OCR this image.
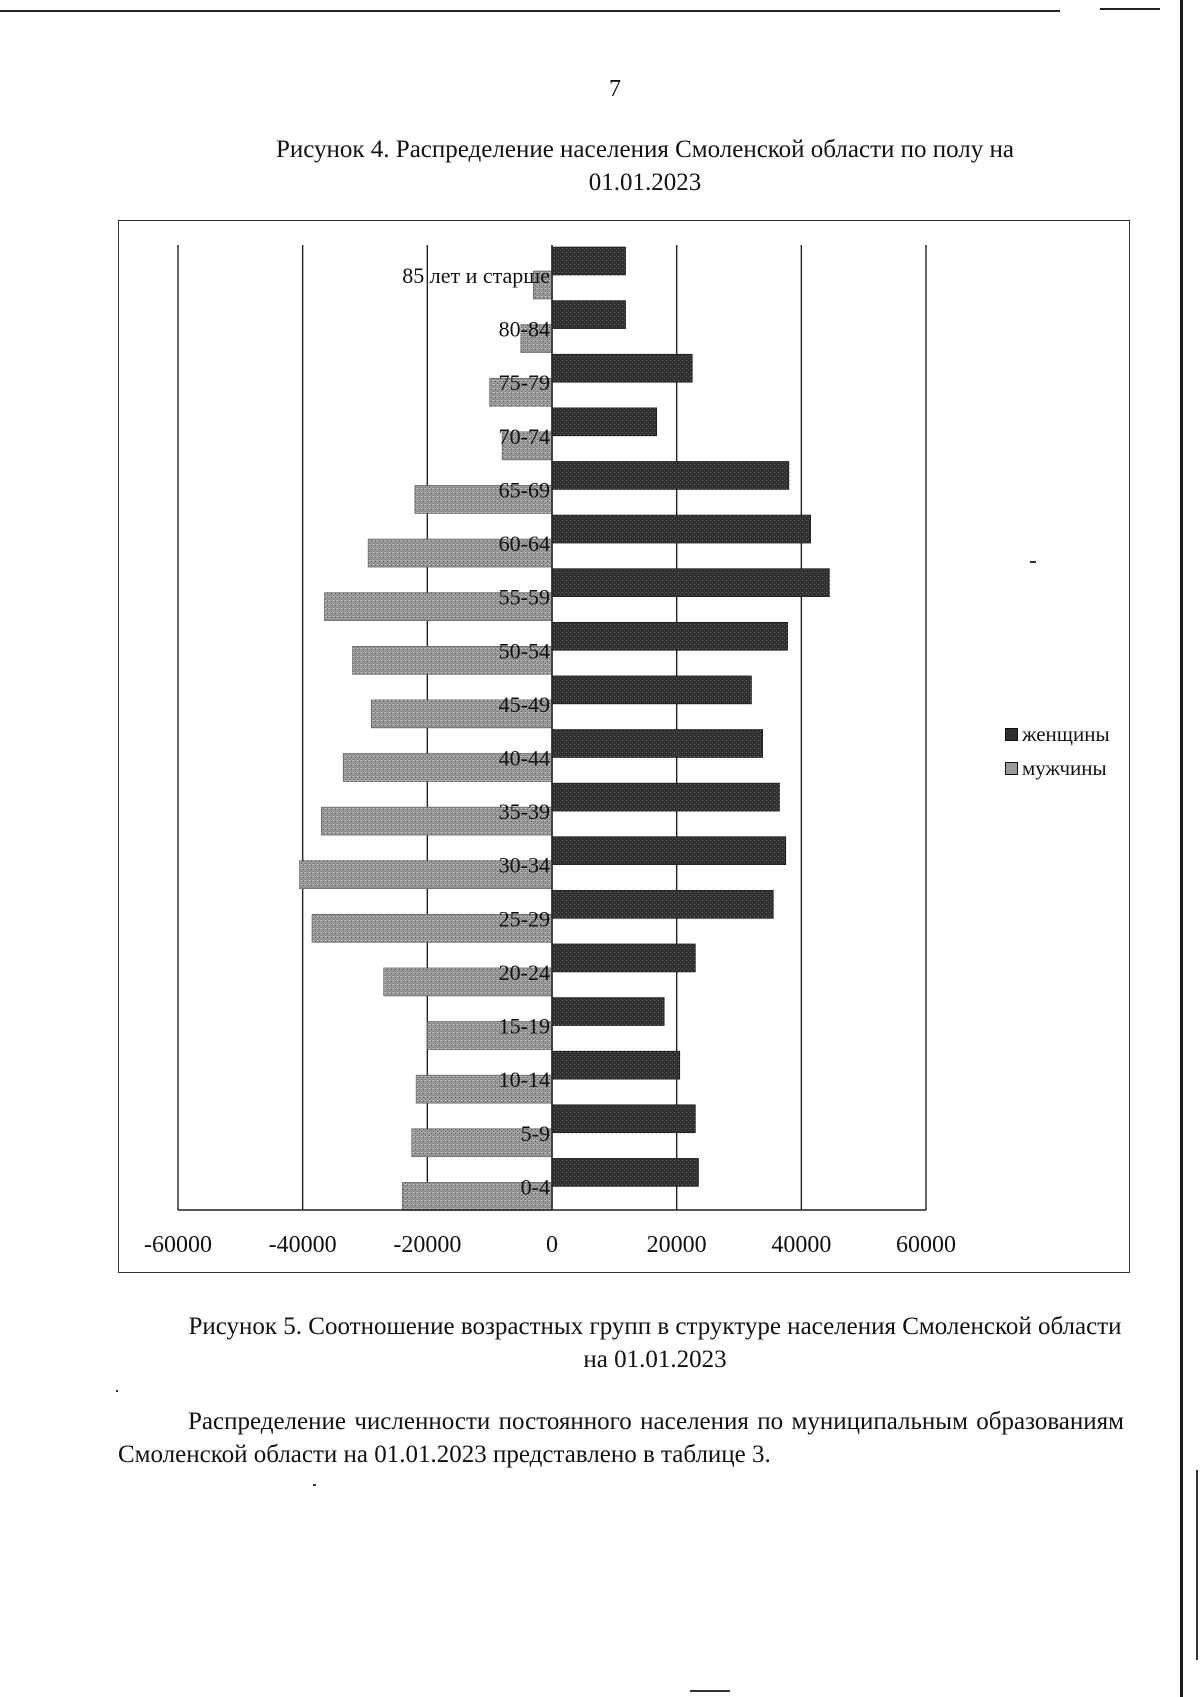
7
Рисунок 4. Распределение населения Смоленской области по полу на 01.01.2023
-60000 -40000 -20000	0	20000	40000	60000
0-4
5-9
10-14
15-19
20-24
25-29
30-34
35-39
40-44
45-49
50-54
55-59
60-64
65-69
70-74
75-79
80-84
85 лет и старше
женщины
мужчины
Рисунок 5. Соотношение возрастных групп в структуре населения Смоленской области на 01.01.2023
Распределение численности постоянного населения по муниципальным образованиям Смоленской области на 01.01.2023 представлено в таблице 3.
